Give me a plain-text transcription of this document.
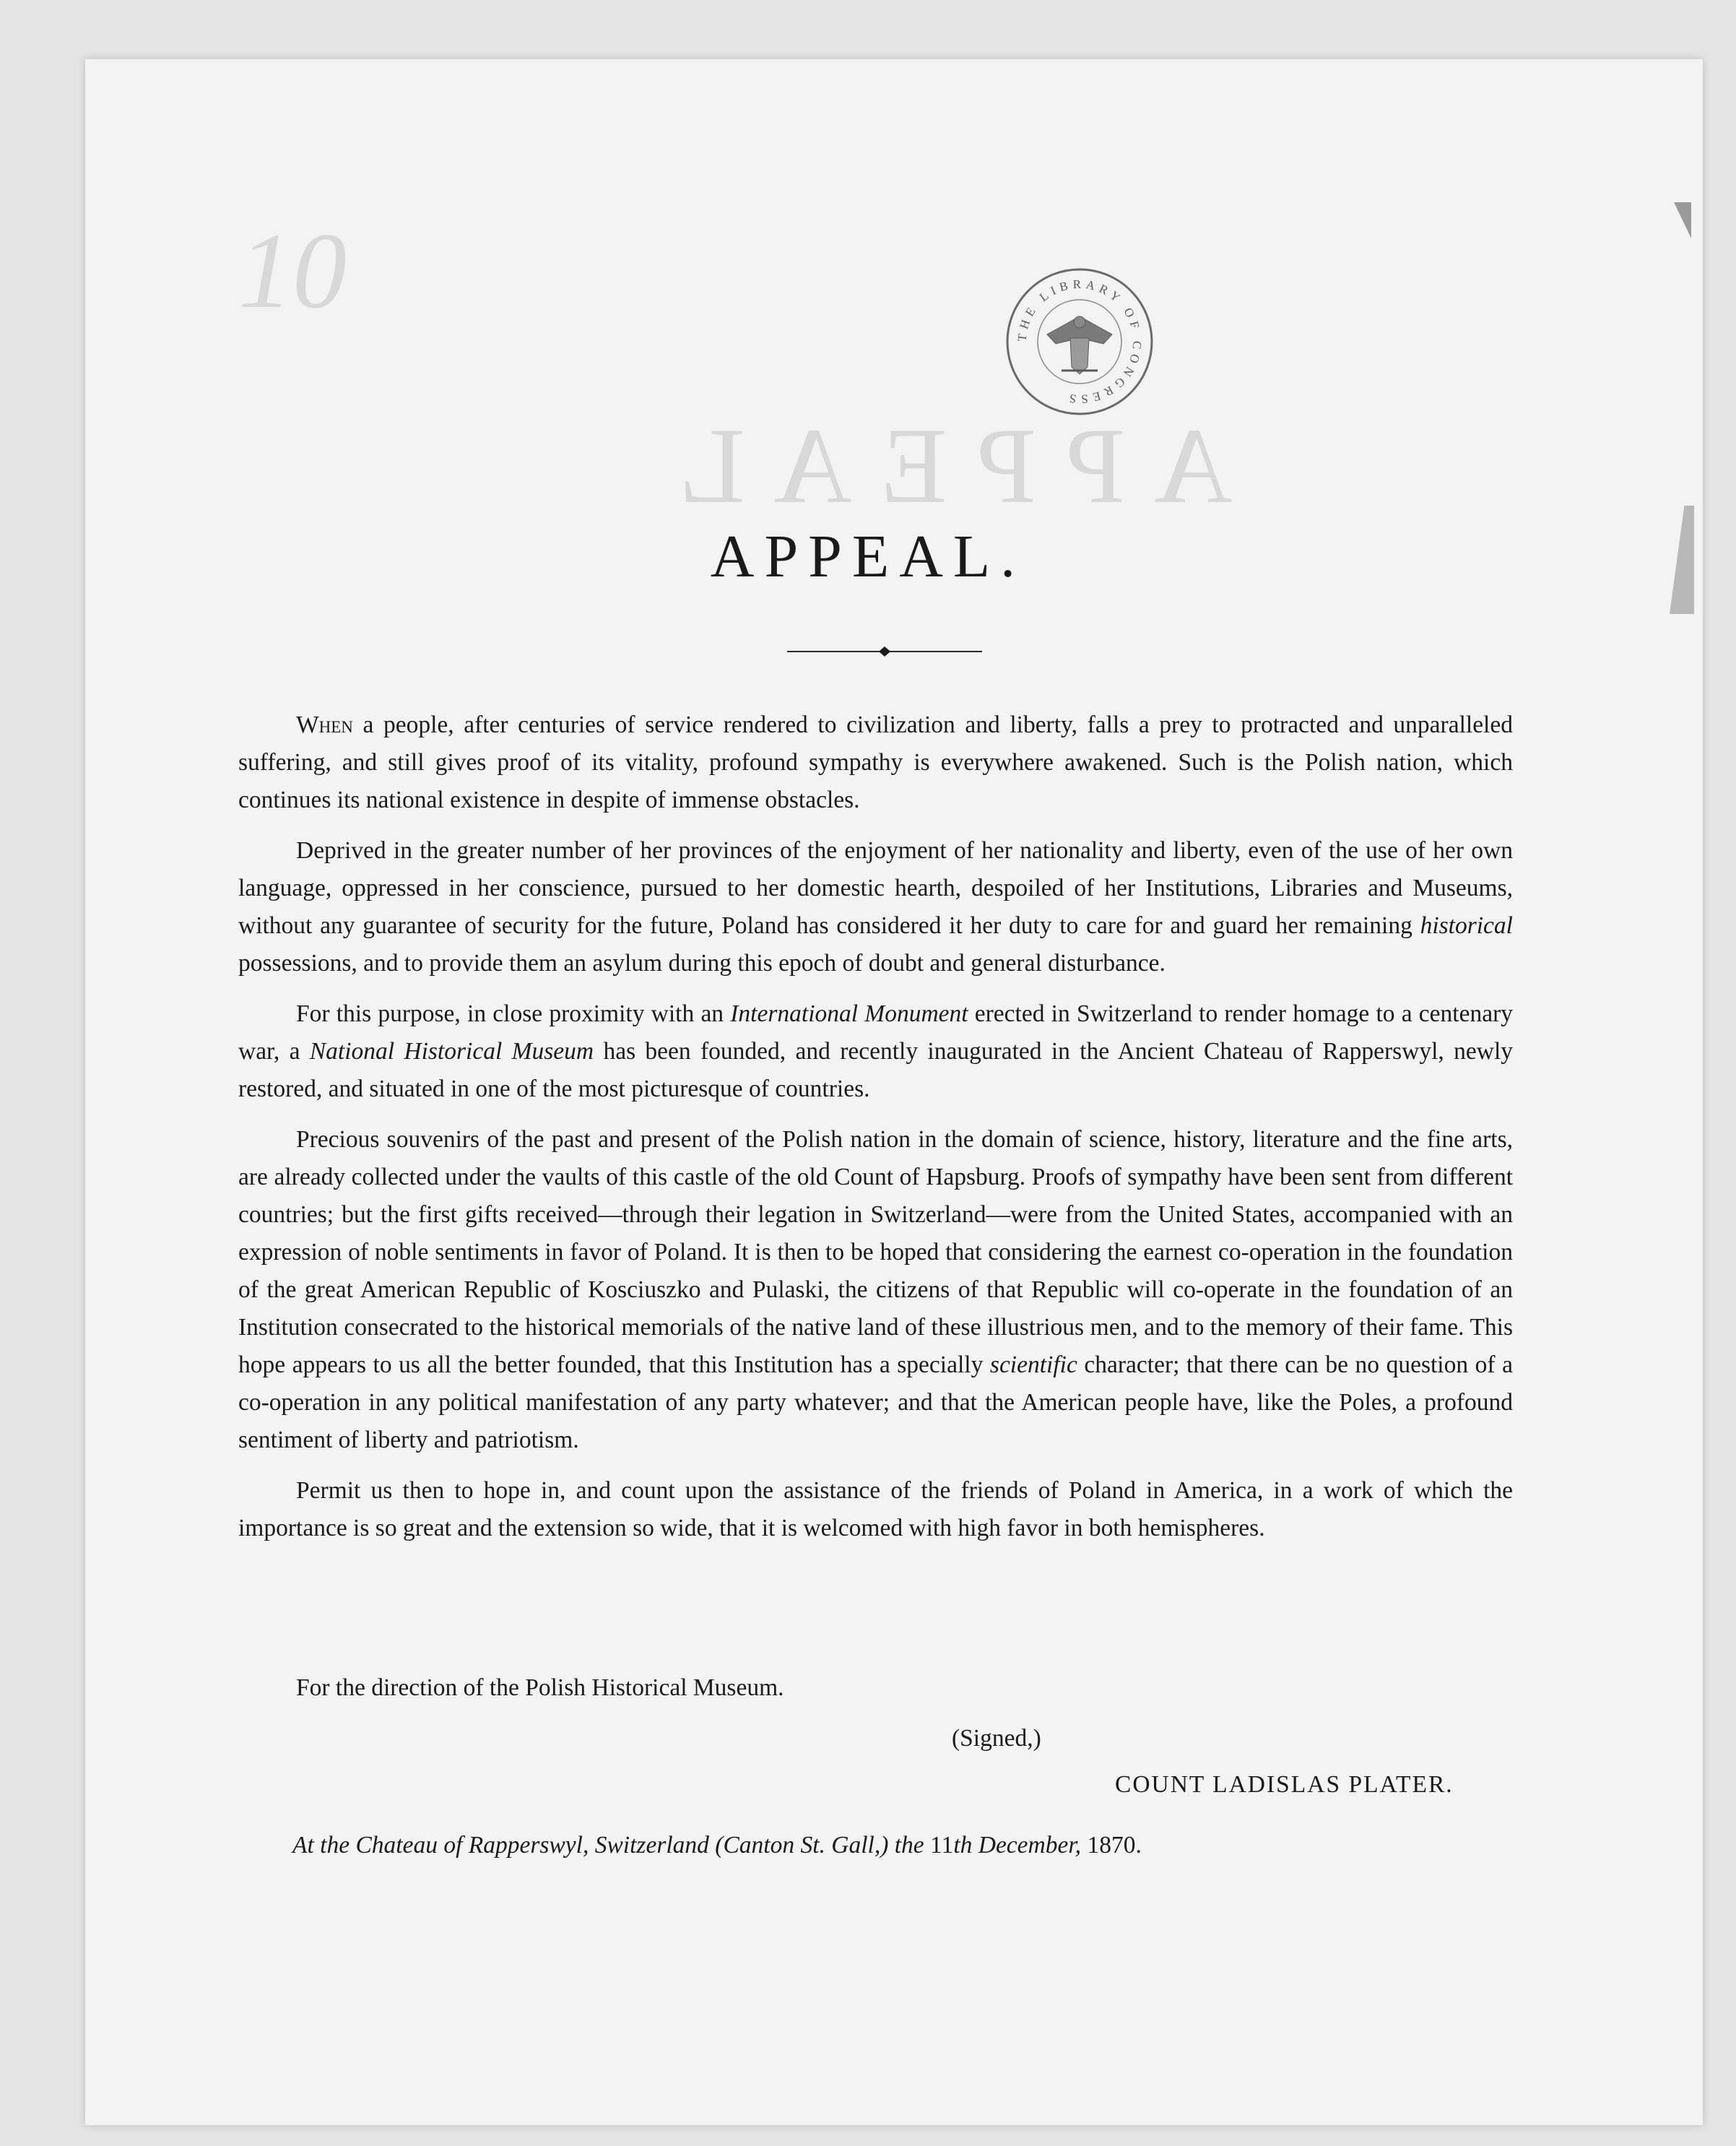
10
APPEAL
THE LIBRARY OF CONGRESS
APPEAL.

When a people, after centuries of service rendered to civilization and liberty, falls a prey to protracted and unparalleled suffering, and still gives proof of its vitality, profound sympathy is everywhere awakened. Such is the Polish nation, which continues its national existence in despite of immense obstacles.

Deprived in the greater number of her provinces of the enjoyment of her nationality and liberty, even of the use of her own language, oppressed in her conscience, pursued to her domestic hearth, despoiled of her Institutions, Libraries and Museums, without any guarantee of security for the future, Poland has considered it her duty to care for and guard her remaining historical possessions, and to provide them an asylum during this epoch of doubt and general disturbance.

For this purpose, in close proximity with an International Monument erected in Switzerland to render homage to a centenary war, a National Historical Museum has been founded, and recently inaugurated in the Ancient Chateau of Rapperswyl, newly restored, and situated in one of the most picturesque of countries.

Precious souvenirs of the past and present of the Polish nation in the domain of science, history, literature and the fine arts, are already collected under the vaults of this castle of the old Count of Hapsburg. Proofs of sympathy have been sent from different countries; but the first gifts received—through their legation in Switzerland—were from the United States, accompanied with an expression of noble sentiments in favor of Poland. It is then to be hoped that considering the earnest co-operation in the foundation of the great American Republic of Kosciuszko and Pulaski, the citizens of that Republic will co-operate in the foundation of an Institution consecrated to the historical memorials of the native land of these illustrious men, and to the memory of their fame. This hope appears to us all the better founded, that this Institution has a specially scientific character; that there can be no question of a co-operation in any political manifestation of any party whatever; and that the American people have, like the Poles, a profound sentiment of liberty and patriotism.

Permit us then to hope in, and count upon the assistance of the friends of Poland in America, in a work of which the importance is so great and the extension so wide, that it is welcomed with high favor in both hemispheres.

For the direction of the Polish Historical Museum.
(Signed,)
COUNT LADISLAS PLATER.
At the Chateau of Rapperswyl, Switzerland (Canton St. Gall,) the 11th December, 1870.
